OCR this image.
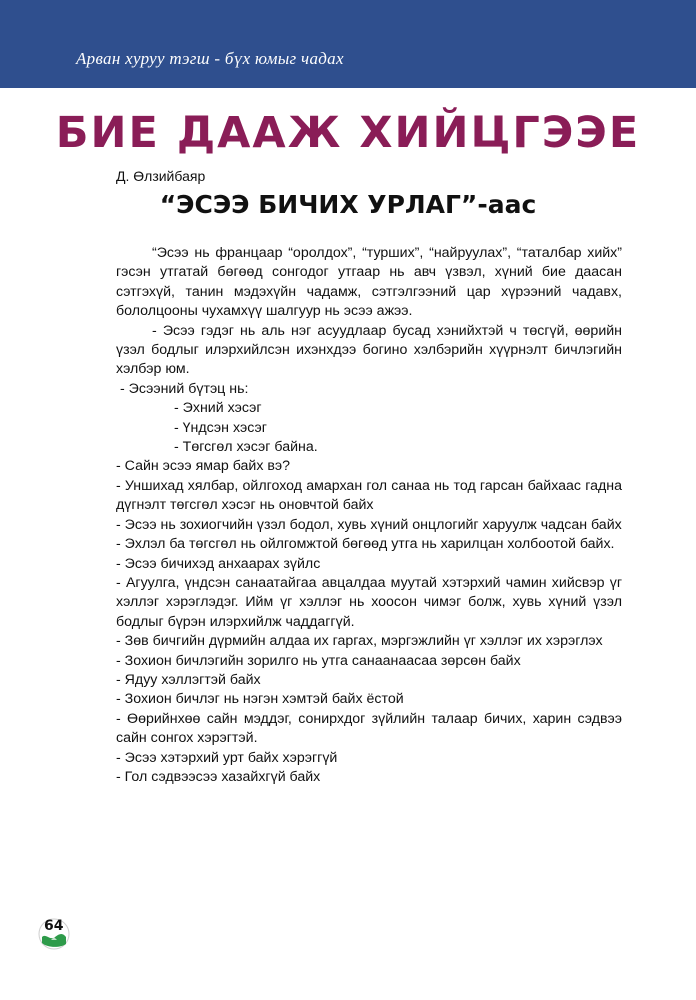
Арван хуруу тэгш - бүх юмыг чадах
БИЕ ДААЖ ХИЙЦГЭЭЕ
Д. Өлзийбаяр
“ЭСЭЭ БИЧИХ УРЛАГ”-аас

“Эсээ нь францаар “оролдох”, “турших”, “найруулах”, “таталбар хийх” гэсэн утгатай бөгөөд сонгодог утгаар нь авч үзвэл, хүний бие даасан сэтгэхүй, танин мэдэхүйн чадамж, сэтгэлгээний цар хүрээний чадавх, бололцооны чухамхүү шалгуур нь эсээ ажээ.

- Эсээ гэдэг нь аль нэг асуудлаар бусад хэнийхтэй ч төсгүй, өөрийн үзэл бодлыг илэрхийлсэн ихэнхдээ богино хэлбэрийн хүүрнэлт бичлэгийн хэлбэр юм.

- Эсээний бүтэц нь:

- Эхний хэсэг

- Үндсэн хэсэг

- Төгсгөл хэсэг байна.

- Сайн эсээ ямар байх вэ?

- Уншихад хялбар, ойлгоход амархан гол санаа нь тод гарсан байхаас гадна дүгнэлт төгсгөл хэсэг нь оновчтой байх

- Эсээ нь зохиогчийн үзэл бодол, хувь хүний онцлогийг харуулж чадсан байх

- Эхлэл ба төгсгөл нь ойлгомжтой бөгөөд утга нь харилцан холбоотой байх.

- Эсээ бичихэд анхаарах зүйлс

- Агуулга, үндсэн санаатайгаа авцалдаа муутай хэтэрхий чамин хийсвэр үг хэллэг хэрэглэдэг. Ийм үг хэллэг нь хоосон чимэг болж, хувь хүний үзэл бодлыг бүрэн илэрхийлж чаддаггүй.

- Зөв бичгийн дүрмийн алдаа их гаргах, мэргэжлийн үг хэллэг их хэрэглэх

- Зохион бичлэгийн зорилго нь утга санаанаасаа зөрсөн байх

- Ядуу хэллэгтэй байх

- Зохион бичлэг нь нэгэн хэмтэй байх ёстой

- Өөрийнхөө сайн мэддэг, сонирхдог зүйлийн талаар бичих, харин сэдвээ сайн сонгох хэрэгтэй.

- Эсээ хэтэрхий урт байх хэрэггүй

- Гол сэдвээсээ хазайхгүй байх

64
